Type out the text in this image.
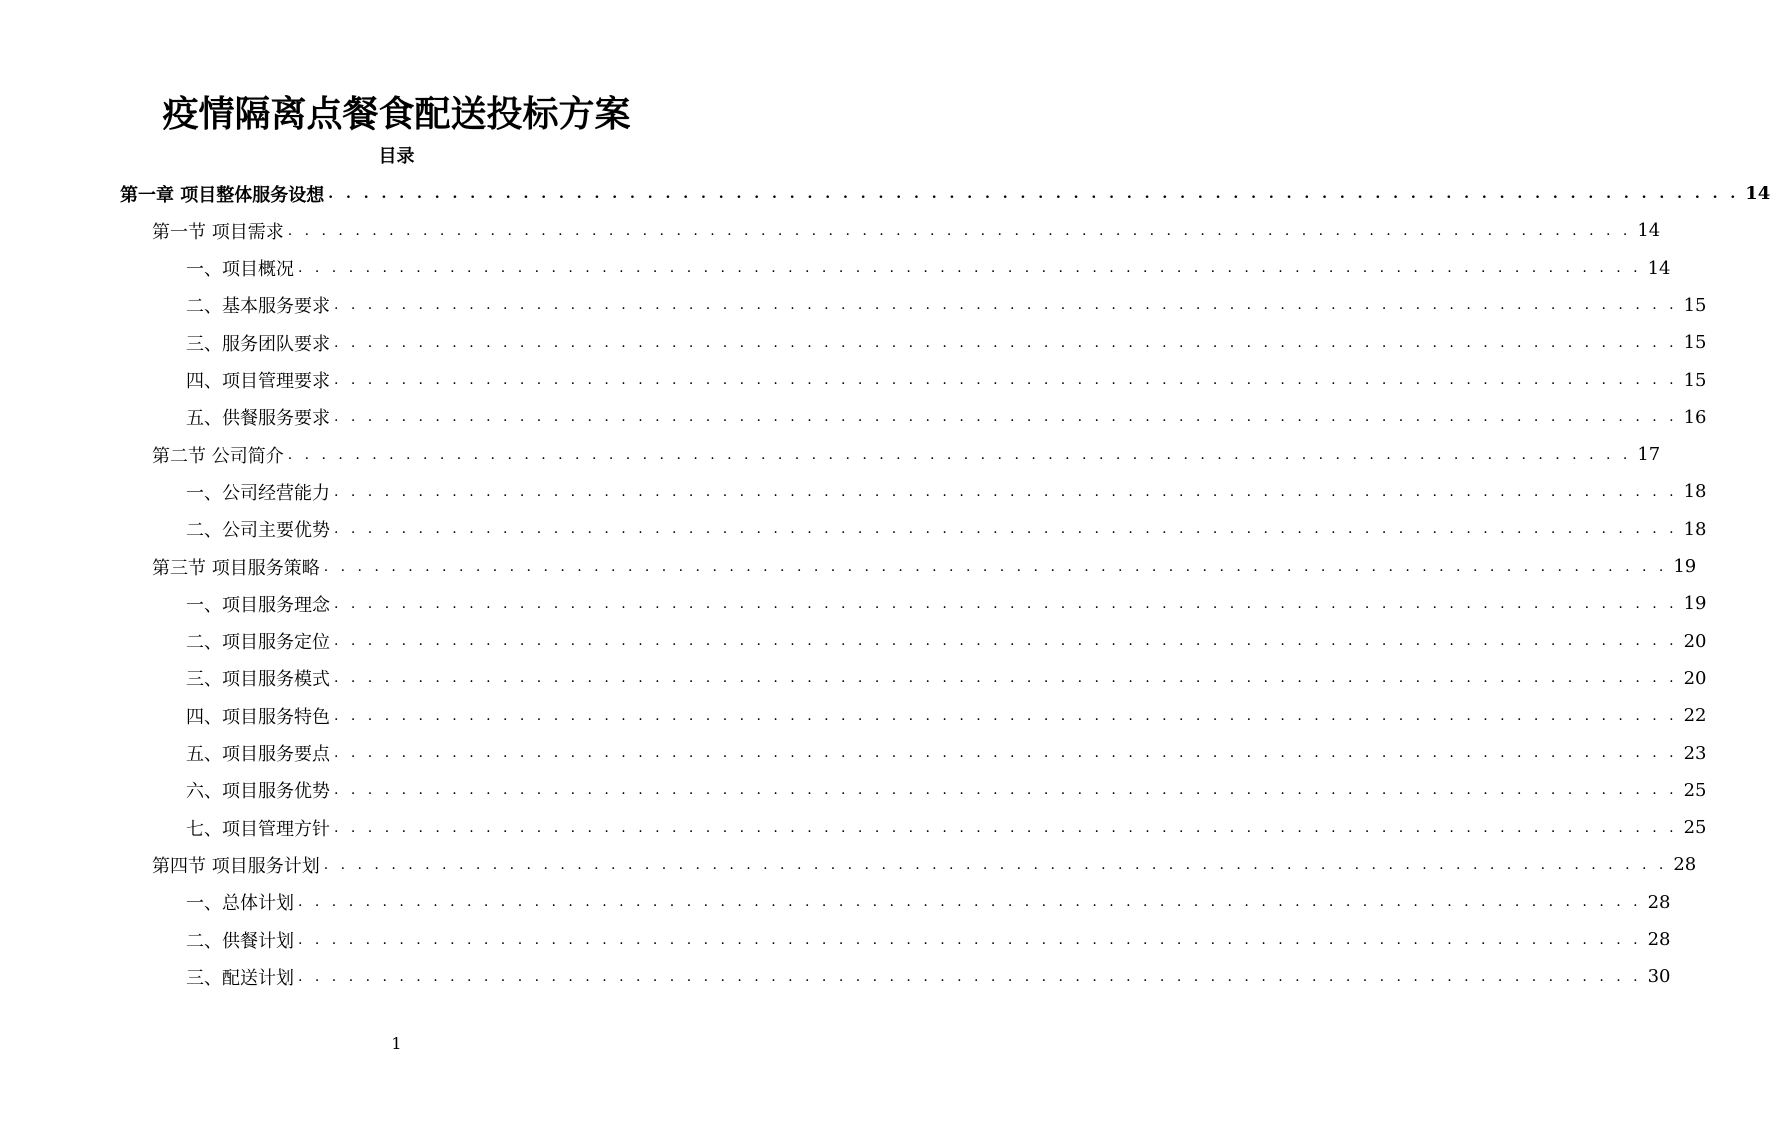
疫情隔离点餐食配送投标方案
目录
第一章 项目整体服务设想 . . . . . . . . . . . . . . . . . . . . . . . . . . . . . . . . . . . . . . . . . . . . . . . . . . . . . . . . . . . . . . . . . . . . . . . . . . . . . . . . 14
第一节 项目需求 . . . . . . . . . . . . . . . . . . . . . . . . . . . . . . . . . . . . . . . . . . . . . . . . . . . . . . . . . . . . . . . . . . . . . . . . . . . . . . . . 14
一、项目概况 . . . . . . . . . . . . . . . . . . . . . . . . . . . . . . . . . . . . . . . . . . . . . . . . . . . . . . . . . . . . . . . . . . . . . . . . . . . . . . . . 14
二、基本服务要求 . . . . . . . . . . . . . . . . . . . . . . . . . . . . . . . . . . . . . . . . . . . . . . . . . . . . . . . . . . . . . . . . . . . . . . . . . . . . . . . . 15
三、服务团队要求 . . . . . . . . . . . . . . . . . . . . . . . . . . . . . . . . . . . . . . . . . . . . . . . . . . . . . . . . . . . . . . . . . . . . . . . . . . . . . . . . 15
四、项目管理要求 . . . . . . . . . . . . . . . . . . . . . . . . . . . . . . . . . . . . . . . . . . . . . . . . . . . . . . . . . . . . . . . . . . . . . . . . . . . . . . . . 15
五、供餐服务要求 . . . . . . . . . . . . . . . . . . . . . . . . . . . . . . . . . . . . . . . . . . . . . . . . . . . . . . . . . . . . . . . . . . . . . . . . . . . . . . . . 16
第二节 公司简介 . . . . . . . . . . . . . . . . . . . . . . . . . . . . . . . . . . . . . . . . . . . . . . . . . . . . . . . . . . . . . . . . . . . . . . . . . . . . . . . . 17
一、公司经营能力 . . . . . . . . . . . . . . . . . . . . . . . . . . . . . . . . . . . . . . . . . . . . . . . . . . . . . . . . . . . . . . . . . . . . . . . . . . . . . . . . 18
二、公司主要优势 . . . . . . . . . . . . . . . . . . . . . . . . . . . . . . . . . . . . . . . . . . . . . . . . . . . . . . . . . . . . . . . . . . . . . . . . . . . . . . . . 18
第三节 项目服务策略 . . . . . . . . . . . . . . . . . . . . . . . . . . . . . . . . . . . . . . . . . . . . . . . . . . . . . . . . . . . . . . . . . . . . . . . . . . . . . . . . 19
一、项目服务理念 . . . . . . . . . . . . . . . . . . . . . . . . . . . . . . . . . . . . . . . . . . . . . . . . . . . . . . . . . . . . . . . . . . . . . . . . . . . . . . . . 19
二、项目服务定位 . . . . . . . . . . . . . . . . . . . . . . . . . . . . . . . . . . . . . . . . . . . . . . . . . . . . . . . . . . . . . . . . . . . . . . . . . . . . . . . . 20
三、项目服务模式 . . . . . . . . . . . . . . . . . . . . . . . . . . . . . . . . . . . . . . . . . . . . . . . . . . . . . . . . . . . . . . . . . . . . . . . . . . . . . . . . 20
四、项目服务特色 . . . . . . . . . . . . . . . . . . . . . . . . . . . . . . . . . . . . . . . . . . . . . . . . . . . . . . . . . . . . . . . . . . . . . . . . . . . . . . . . 22
五、项目服务要点 . . . . . . . . . . . . . . . . . . . . . . . . . . . . . . . . . . . . . . . . . . . . . . . . . . . . . . . . . . . . . . . . . . . . . . . . . . . . . . . . 23
六、项目服务优势 . . . . . . . . . . . . . . . . . . . . . . . . . . . . . . . . . . . . . . . . . . . . . . . . . . . . . . . . . . . . . . . . . . . . . . . . . . . . . . . . 25
七、项目管理方针 . . . . . . . . . . . . . . . . . . . . . . . . . . . . . . . . . . . . . . . . . . . . . . . . . . . . . . . . . . . . . . . . . . . . . . . . . . . . . . . . 25
第四节 项目服务计划 . . . . . . . . . . . . . . . . . . . . . . . . . . . . . . . . . . . . . . . . . . . . . . . . . . . . . . . . . . . . . . . . . . . . . . . . . . . . . . . . 28
一、总体计划 . . . . . . . . . . . . . . . . . . . . . . . . . . . . . . . . . . . . . . . . . . . . . . . . . . . . . . . . . . . . . . . . . . . . . . . . . . . . . . . . 28
二、供餐计划 . . . . . . . . . . . . . . . . . . . . . . . . . . . . . . . . . . . . . . . . . . . . . . . . . . . . . . . . . . . . . . . . . . . . . . . . . . . . . . . . 28
三、配送计划 . . . . . . . . . . . . . . . . . . . . . . . . . . . . . . . . . . . . . . . . . . . . . . . . . . . . . . . . . . . . . . . . . . . . . . . . . . . . . . . . 30
1
